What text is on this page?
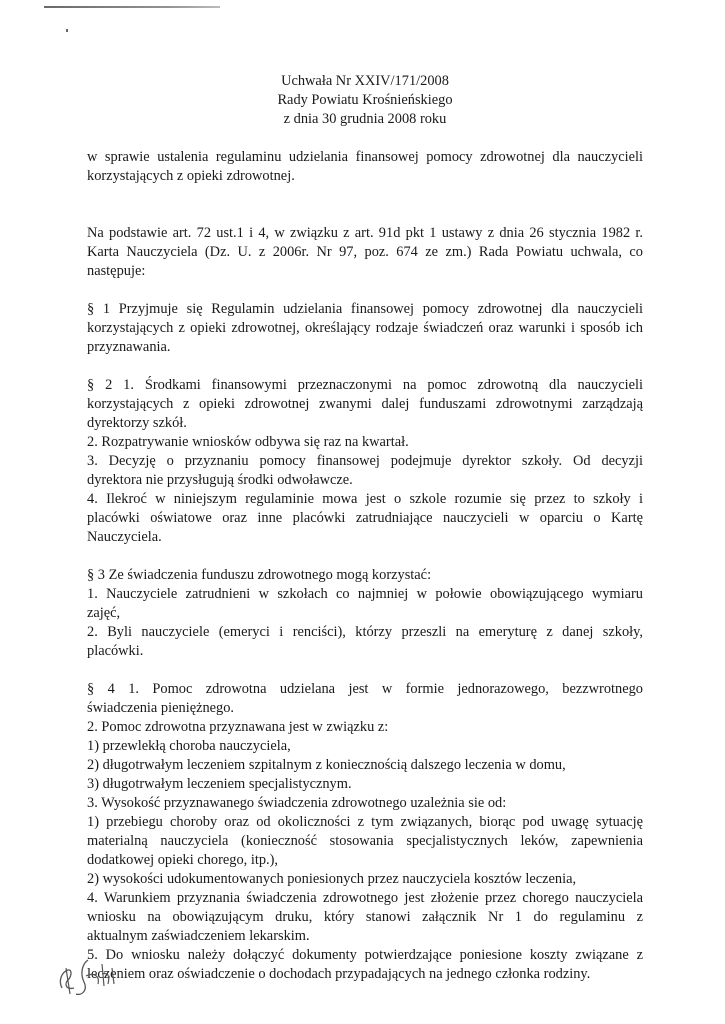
Uchwała Nr XXIV/171/2008
Rady Powiatu Krośnieńskiego
z dnia 30 grudnia 2008 roku
w sprawie ustalenia regulaminu udzielania finansowej pomocy zdrowotnej dla nauczycieli
korzystających z opieki zdrowotnej.
Na podstawie art. 72 ust.1 i 4, w związku z art. 91d pkt 1 ustawy z dnia 26 stycznia 1982 r.
Karta Nauczyciela (Dz. U. z 2006r. Nr 97, poz. 674 ze zm.) Rada Powiatu uchwala, co
następuje:
§ 1 Przyjmuje się Regulamin udzielania finansowej pomocy zdrowotnej dla nauczycieli
korzystających z opieki zdrowotnej, określający rodzaje świadczeń oraz warunki i sposób ich
przyznawania.
§ 2 1. Środkami finansowymi przeznaczonymi na pomoc zdrowotną dla nauczycieli
korzystających z opieki zdrowotnej zwanymi dalej funduszami zdrowotnymi zarządzają
dyrektorzy szkół.
2. Rozpatrywanie wniosków odbywa się raz na kwartał.
3. Decyzję o przyznaniu pomocy finansowej podejmuje dyrektor szkoły. Od decyzji
dyrektora nie przysługują środki odwoławcze.
4. Ilekroć w niniejszym regulaminie mowa jest o szkole rozumie się przez to szkoły i
placówki oświatowe oraz inne placówki zatrudniające nauczycieli w oparciu o Kartę
Nauczyciela.
§ 3 Ze świadczenia funduszu zdrowotnego mogą korzystać:
1. Nauczyciele zatrudnieni w szkołach co najmniej w połowie obowiązującego wymiaru
zajęć,
2. Byli nauczyciele (emeryci i renciści), którzy przeszli na emeryturę z danej szkoły,
placówki.
§ 4 1. Pomoc zdrowotna udzielana jest w formie jednorazowego, bezzwrotnego
świadczenia pieniężnego.
2. Pomoc zdrowotna przyznawana jest w związku z:
1) przewlekłą choroba nauczyciela,
2) długotrwałym leczeniem szpitalnym z koniecznością dalszego leczenia w domu,
3) długotrwałym leczeniem specjalistycznym.
3. Wysokość przyznawanego świadczenia zdrowotnego uzależnia sie od:
1) przebiegu choroby oraz od okoliczności z tym związanych, biorąc pod uwagę sytuację
materialną nauczyciela (konieczność stosowania specjalistycznych leków, zapewnienia
dodatkowej opieki chorego, itp.),
2) wysokości udokumentowanych poniesionych przez nauczyciela kosztów leczenia,
4. Warunkiem przyznania świadczenia zdrowotnego jest złożenie przez chorego nauczyciela
wniosku na obowiązującym druku, który stanowi załącznik Nr 1 do regulaminu z
aktualnym zaświadczeniem lekarskim.
5. Do wniosku należy dołączyć dokumenty potwierdzające poniesione koszty związane z
leczeniem oraz oświadczenie o dochodach przypadających na jednego członka rodziny.
